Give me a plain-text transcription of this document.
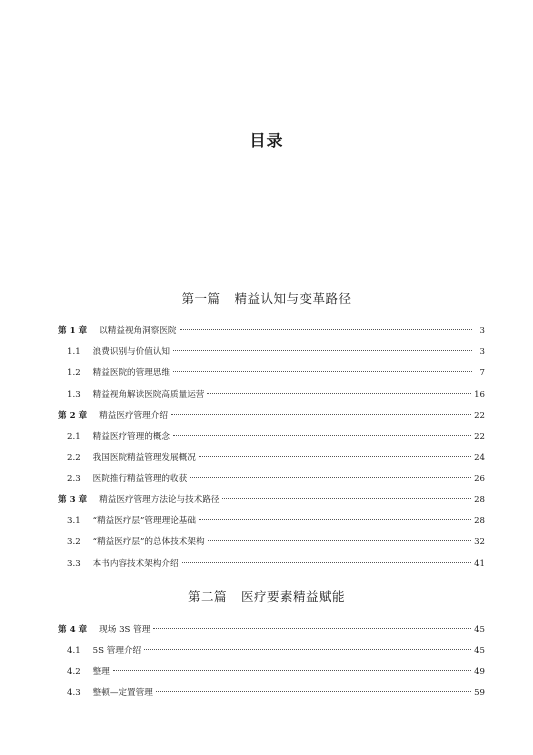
目录
第一篇 精益认知与变革路径
第 1 章 以精益视角洞察医院	3
1.1 浪费识别与价值认知	3
1.2 精益医院的管理思维	7
1.3 精益视角解读医院高质量运营	16
第 2 章 精益医疗管理介绍	22
2.1 精益医疗管理的概念	22
2.2 我国医院精益管理发展概况	24
2.3 医院推行精益管理的收获	26
第 3 章 精益医疗管理方法论与技术路径	28
3.1 “精益医疗层”管理理论基础	28
3.2 “精益医疗层”的总体技术架构	32
3.3 本书内容技术架构介绍	41
第二篇 医疗要素精益赋能
第 4 章 现场 3S 管理	45
4.1 5S 管理介绍	45
4.2 整理	49
4.3 整顿—定置管理	59
